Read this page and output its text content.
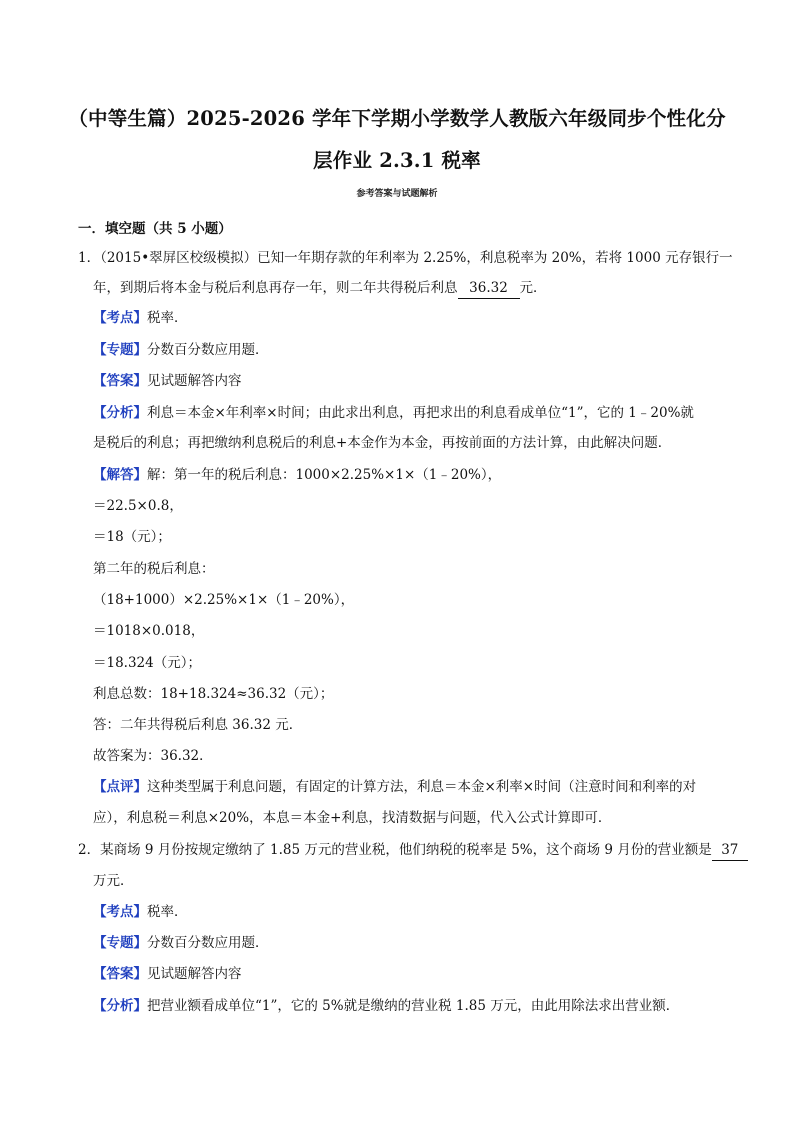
（中等生篇）2025-2026 学年下学期小学数学人教版六年级同步个性化分
层作业 2.3.1 税率
参考答案与试题解析
一．填空题（共 5 小题）
1．（2015•翠屏区校级模拟）已知一年期存款的年利率为 2.25%，利息税率为 20%，若将 1000 元存银行一
年，到期后将本金与税后利息再存一年，则二年共得税后利息 36.32 元．
【考点】税率．
【专题】分数百分数应用题．
【答案】见试题解答内容
【分析】利息＝本金×年利率×时间；由此求出利息，再把求出的利息看成单位“1”，它的 1﹣20%就
是税后的利息；再把缴纳利息税后的利息+本金作为本金，再按前面的方法计算，由此解决问题．
【解答】解：第一年的税后利息：1000×2.25%×1×（1﹣20%），
＝22.5×0.8，
＝18（元）；
第二年的税后利息：
（18+1000）×2.25%×1×（1﹣20%），
＝1018×0.018，
＝18.324（元）；
利息总数：18+18.324≈36.32（元）；
答：二年共得税后利息 36.32 元．
故答案为：36.32．
【点评】这种类型属于利息问题，有固定的计算方法，利息＝本金×利率×时间（注意时间和利率的对
应），利息税＝利息×20%，本息＝本金+利息，找清数据与问题，代入公式计算即可．
2．某商场 9 月份按规定缴纳了 1.85 万元的营业税，他们纳税的税率是 5%，这个商场 9 月份的营业额是 37
万元．
【考点】税率．
【专题】分数百分数应用题．
【答案】见试题解答内容
【分析】把营业额看成单位“1”，它的 5%就是缴纳的营业税 1.85 万元，由此用除法求出营业额．
